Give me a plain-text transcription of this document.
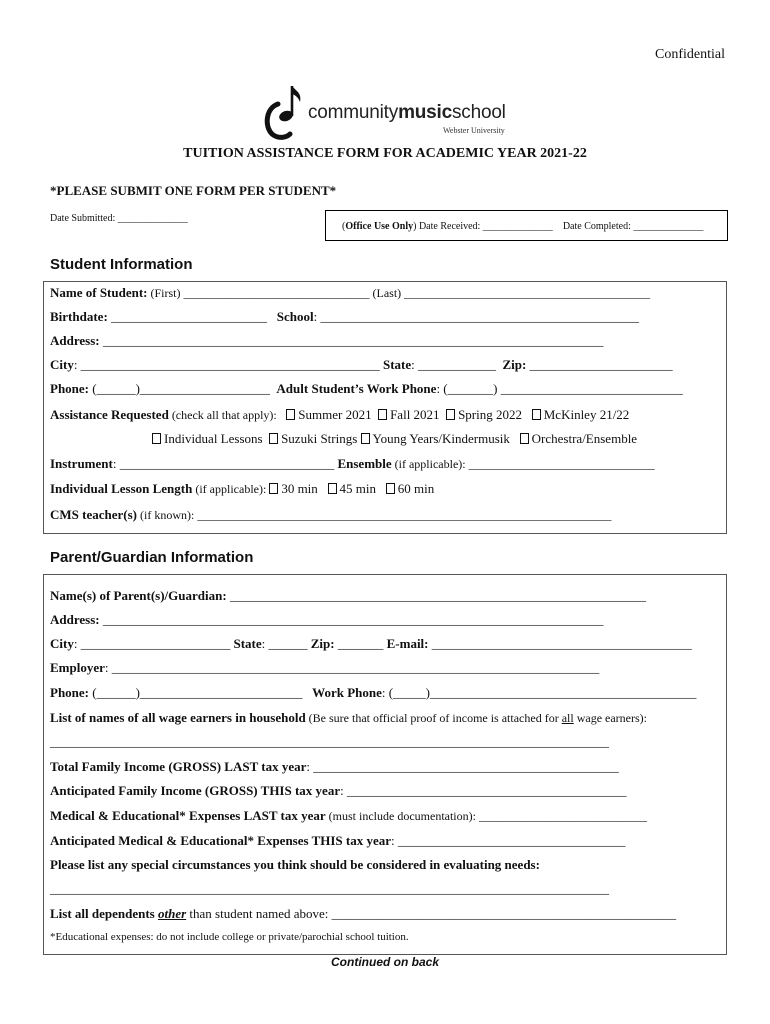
Confidential
communitymusicschool
Webster University
TUITION ASSISTANCE FORM FOR ACADEMIC YEAR 2021-22
*PLEASE SUBMIT ONE FORM PER STUDENT*
Date Submitted: ______________
(Office Use Only) Date Received: ______________ Date Completed: ______________
Student Information
Name of Student: (First) _______________________________ (Last) _________________________________________
Birthdate: ________________________   School: _________________________________________________
Address: _____________________________________________________________________________
City: ______________________________________________ State: ____________  Zip: ______________________
Phone: (______)____________________  Adult Student’s Work Phone: (_______) ____________________________
Assistance Requested (check all that apply):   Summer 2021 Fall 2021 Spring 2022 McKinley 21/22
Individual Lessons Suzuki Strings Young Years/Kindermusik Orchestra/Ensemble
Instrument: _________________________________ Ensemble (if applicable): _______________________________
Individual Lesson Length (if applicable): 30 min 45 min 60 min
CMS teacher(s) (if known): _____________________________________________________________________
Parent/Guardian Information
Name(s) of Parent(s)/Guardian: ________________________________________________________________
Address: _____________________________________________________________________________
City: _______________________ State: ______ Zip: _______ E-mail: ________________________________________
Employer: ___________________________________________________________________________
Phone: (______)_________________________   Work Phone: (_____)_________________________________________
List of names of all wage earners in household (Be sure that official proof of income is attached for all wage earners):
______________________________________________________________________________________
Total Family Income (GROSS) LAST tax year: _______________________________________________
Anticipated Family Income (GROSS) THIS tax year: ___________________________________________
Medical & Educational* Expenses LAST tax year (must include documentation): ____________________________
Anticipated Medical & Educational* Expenses THIS tax year: ___________________________________
Please list any special circumstances you think should be considered in evaluating needs:
______________________________________________________________________________________
List all dependents other than student named above: _____________________________________________________
*Educational expenses: do not include college or private/parochial school tuition.
Continued on back
